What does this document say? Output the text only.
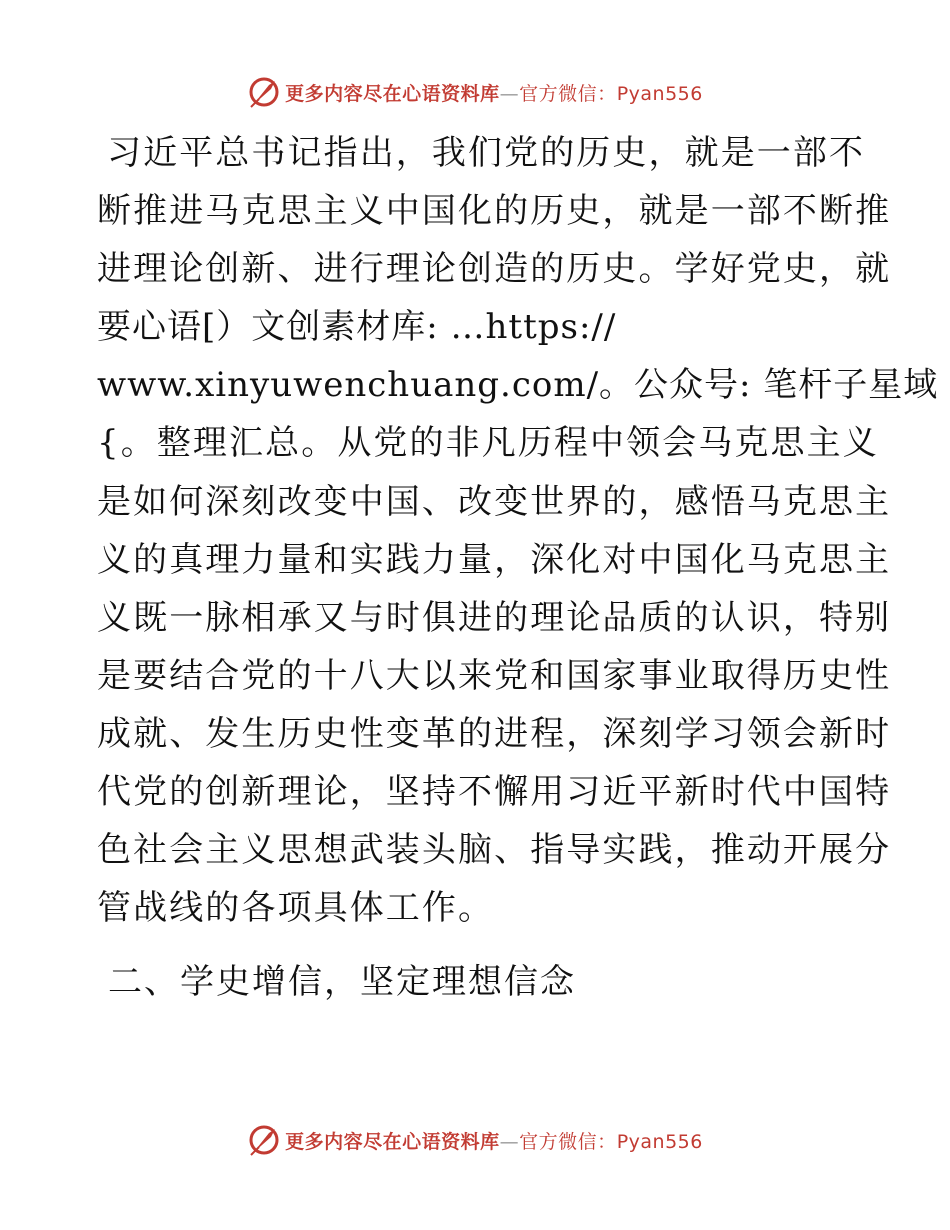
更多内容尽在心语资料库—官方微信：Pyan556
习近平总书记指出，我们党的历史，就是一部不
断推进马克思主义中国化的历史，就是一部不断推
进理论创新、进行理论创造的历史。学好党史，就
要心语[）文创素材库: …https://
www.xinyuwenchuang.com/。公众号: 笔杆子星域
{。整理汇总。从党的非凡历程中领会马克思主义
是如何深刻改变中国、改变世界的，感悟马克思主
义的真理力量和实践力量，深化对中国化马克思主
义既一脉相承又与时俱进的理论品质的认识，特别
是要结合党的十八大以来党和国家事业取得历史性
成就、发生历史性变革的进程，深刻学习领会新时
代党的创新理论，坚持不懈用习近平新时代中国特
色社会主义思想武装头脑、指导实践，推动开展分
管战线的各项具体工作。
二、学史增信，坚定理想信念
更多内容尽在心语资料库—官方微信：Pyan556
